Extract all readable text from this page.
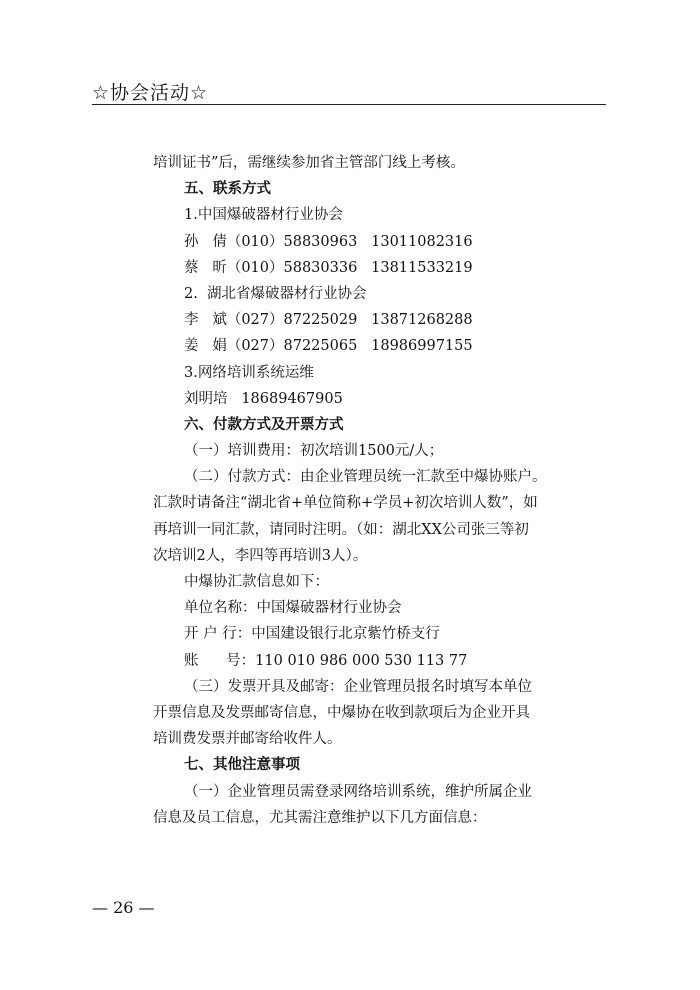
☆协会活动☆
培训证书”后，需继续参加省主管部门线上考核。
五、联系方式
1.中国爆破器材行业协会
孙   倩（010）58830963   13011082316
蔡   昕（010）58830336   13811533219
2.  湖北省爆破器材行业协会
李   斌（027）87225029   13871268288
姜   娟（027）87225065   18986997155
3.网络培训系统运维
刘明培   18689467905
六、付款方式及开票方式
（一）培训费用：初次培训1500元/人；
（二）付款方式：由企业管理员统一汇款至中爆协账户。
汇款时请备注“湖北省+单位简称+学员+初次培训人数”，如
再培训一同汇款，请同时注明。（如：湖北XX公司张三等初
次培训2人，李四等再培训3人）。
中爆协汇款信息如下：
单位名称：中国爆破器材行业协会
开 户 行：中国建设银行北京紫竹桥支行
账      号：110 010 986 000 530 113 77
（三）发票开具及邮寄：企业管理员报名时填写本单位
开票信息及发票邮寄信息，中爆协在收到款项后为企业开具
培训费发票并邮寄给收件人。
七、其他注意事项
（一）企业管理员需登录网络培训系统，维护所属企业
信息及员工信息，尤其需注意维护以下几方面信息：
— 26 —
